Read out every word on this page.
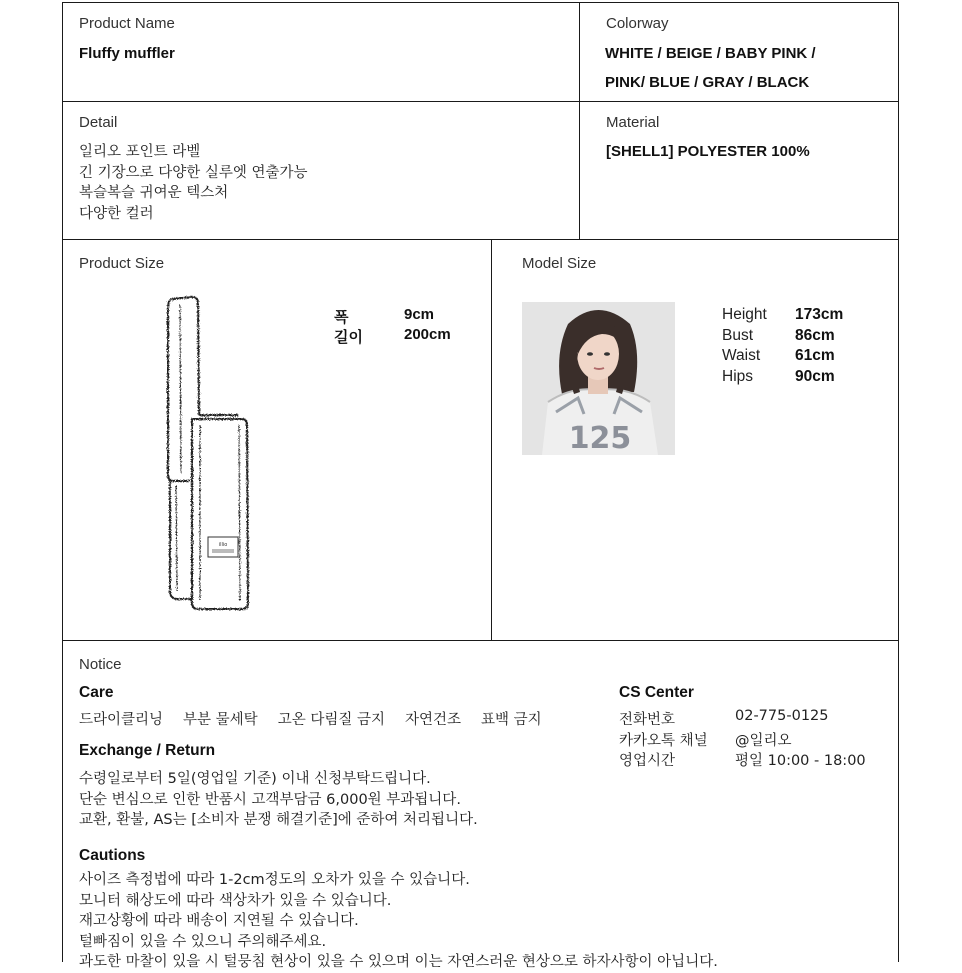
Product Name
Fluffy muffler
Colorway
WHITE / BEIGE / BABY PINK /
PINK/ BLUE / GRAY / BLACK
Detail
일리오 포인트 라벨
긴 기장으로 다양한 실루엣 연출가능
복슬복슬 귀여운 텍스처
다양한 컬러
Material
[SHELL1] POLYESTER 100%
Product Size
illio
폭	9cm
길이	200cm
Model Size
125
Height	173cm
Bust	86cm
Waist	61cm
Hips	90cm
Notice
Care
드라이클리닝 부분 물세탁 고온 다림질 금지 자연건조 표백 금지
Exchange / Return
수령일로부터 5일(영업일 기준) 이내 신청부탁드립니다.
단순 변심으로 인한 반품시 고객부담금 6,000원 부과됩니다.
교환, 환불, AS는 [소비자 분쟁 해결기준]에 준하여 처리됩니다.
Cautions
사이즈 측정법에 따라 1-2cm정도의 오차가 있을 수 있습니다.
모니터 해상도에 따라 색상차가 있을 수 있습니다.
재고상황에 따라 배송이 지연될 수 있습니다.
털빠짐이 있을 수 있으니 주의해주세요.
과도한 마찰이 있을 시 털뭉침 현상이 있을 수 있으며 이는 자연스러운 현상으로 하자사항이 아닙니다.
CS Center
전화번호	02-775-0125
카카오톡 채널	@일리오
영업시간	평일 10:00 - 18:00
